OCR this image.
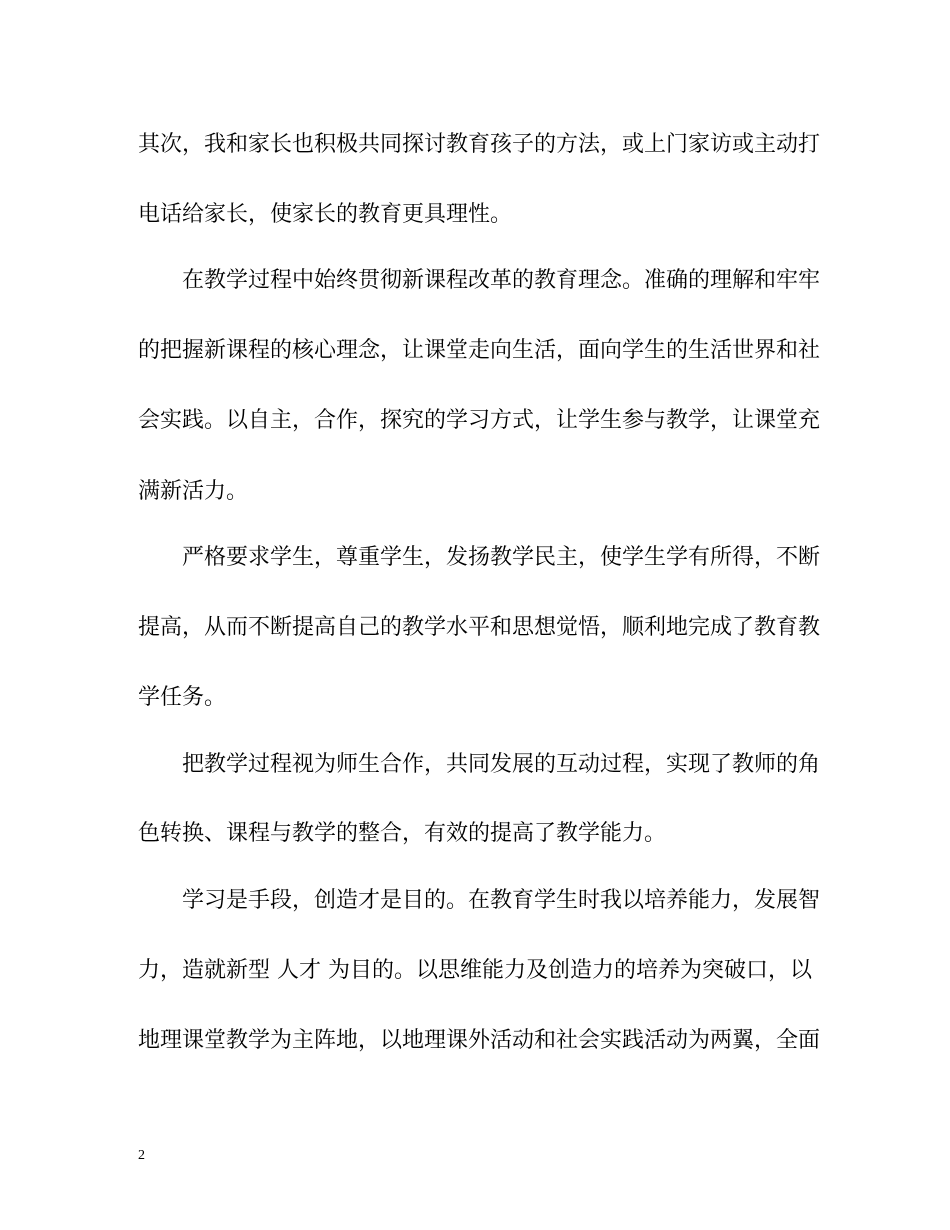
其次，我和家长也积极共同探讨教育孩子的方法，或上门家访或主动打
电话给家长，使家长的教育更具理性。
在教学过程中始终贯彻新课程改革的教育理念。准确的理解和牢牢
的把握新课程的核心理念，让课堂走向生活，面向学生的生活世界和社
会实践。以自主，合作，探究的学习方式，让学生参与教学，让课堂充
满新活力。
严格要求学生，尊重学生，发扬教学民主，使学生学有所得，不断
提高，从而不断提高自己的教学水平和思想觉悟，顺利地完成了教育教
学任务。
把教学过程视为师生合作，共同发展的互动过程，实现了教师的角
色转换、课程与教学的整合，有效的提高了教学能力。
学习是手段，创造才是目的。在教育学生时我以培养能力，发展智
力，造就新型 人才 为目的。以思维能力及创造力的培养为突破口，以
地理课堂教学为主阵地，以地理课外活动和社会实践活动为两翼，全面
2
